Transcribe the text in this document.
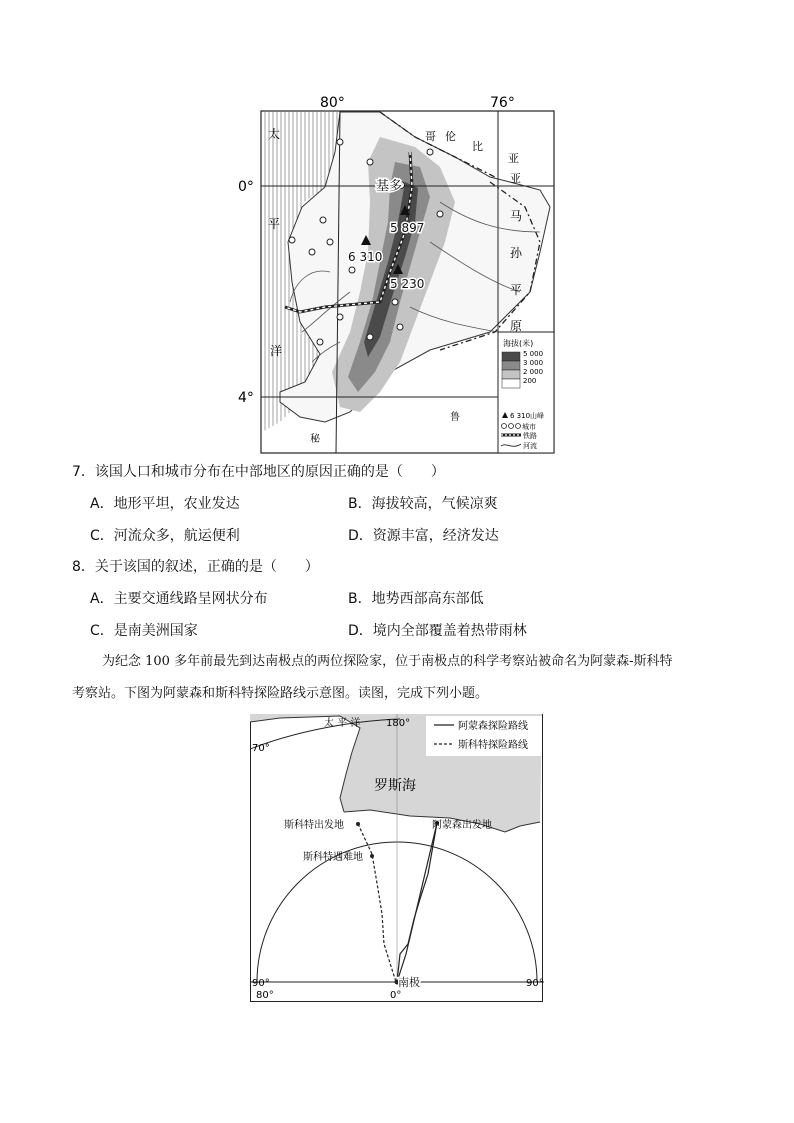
80°	76°
0°
4°
太
平
洋
哥 伦
比
亚
亚
马
孙
平
原
秘
鲁
基多
5 897
6 310
5 230
海拔(米)
5 000
3 000
2 000
200
6 310山峰
城市
铁路
河流
7．该国人口和城市分布在中部地区的原因正确的是（　　）
A．地形平坦，农业发达	B．海拔较高，气候凉爽
C．河流众多，航运便利	D．资源丰富，经济发达
8．关于该国的叙述，正确的是（　　）
A．主要交通线路呈网状分布	B．地势西部高东部低
C．是南美洲国家	D．境内全部覆盖着热带雨林
为纪念 100 多年前最先到达南极点的两位探险家，位于南极点的科学考察站被命名为阿蒙森-斯科特
考察站。下图为阿蒙森和斯科特探险路线示意图。读图，完成下列小题。
阿蒙森探险路线
斯科特探险路线
太 平 洋	180°
70°
罗斯海
斯科特出发地	阿蒙森出发地
斯科特遇难地
南极
90°
80°	0°
90°
